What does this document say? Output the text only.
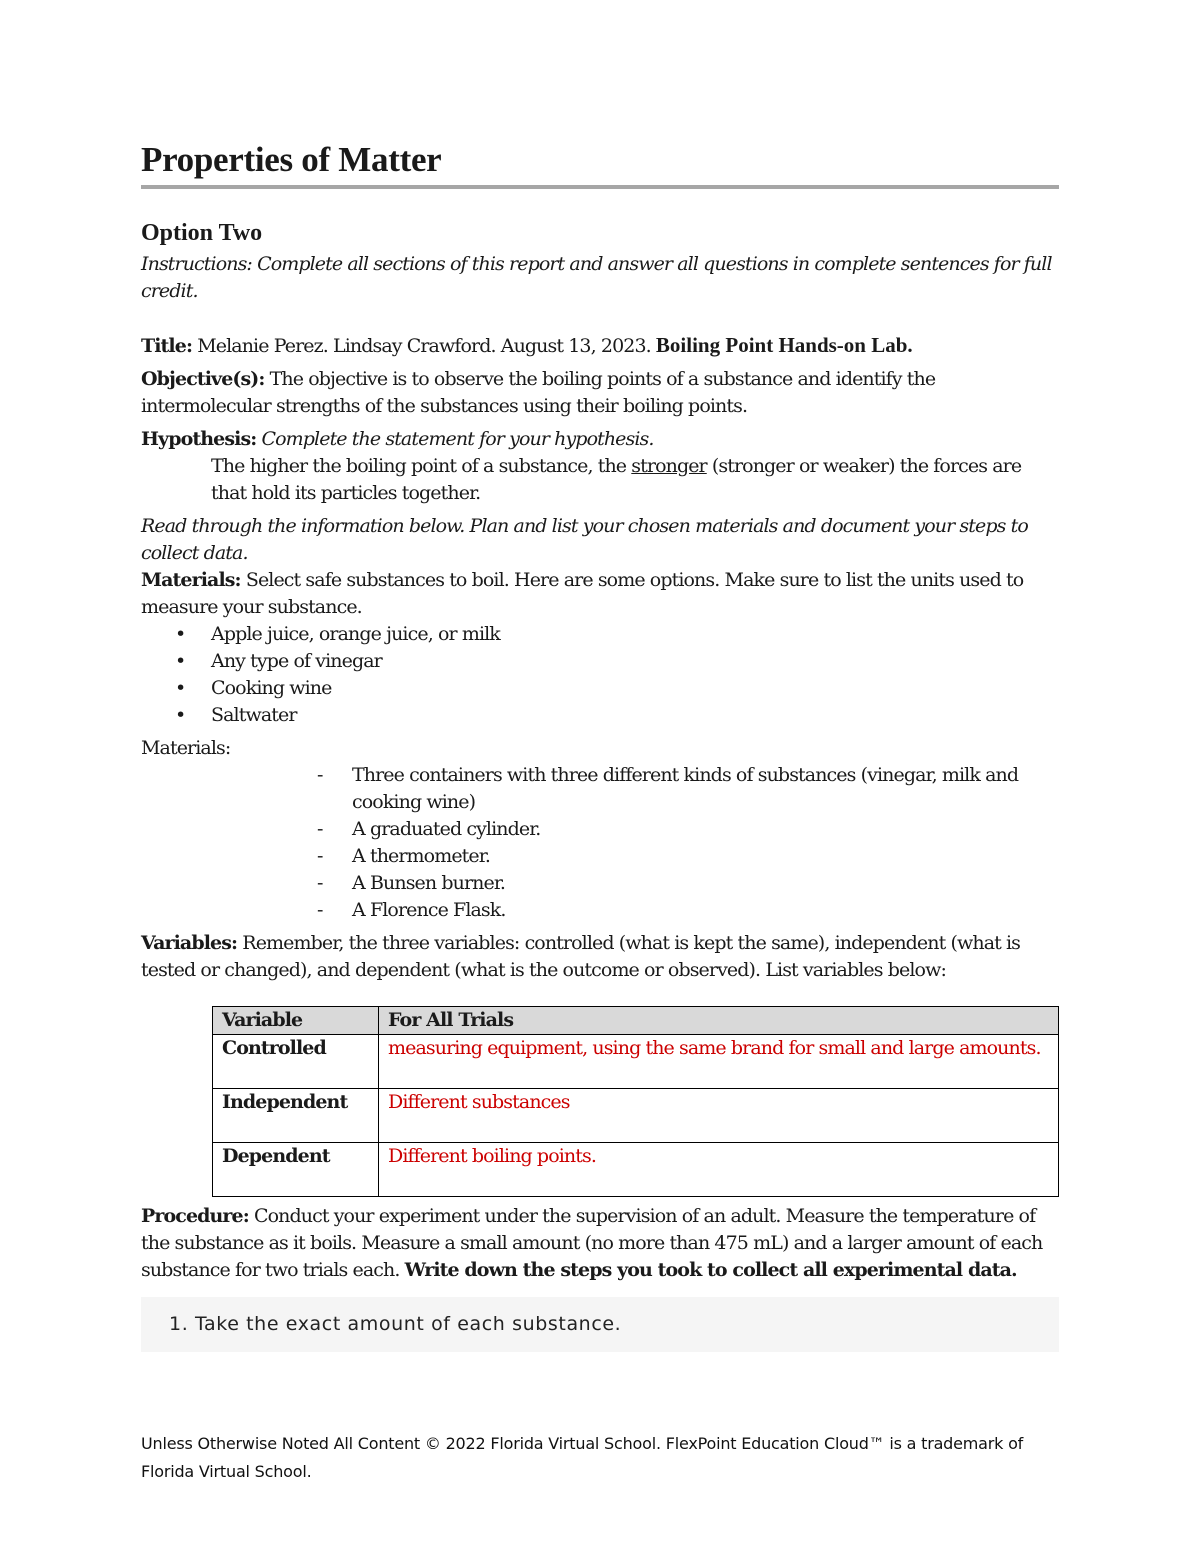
Properties of Matter

Option Two

Instructions: Complete all sections of this report and answer all questions in complete sentences for full credit.

Title: Melanie Perez. Lindsay Crawford. August 13, 2023. Boiling Point Hands-on Lab.

Objective(s): The objective is to observe the boiling points of a substance and identify the intermolecular strengths of the substances using their boiling points.

Hypothesis: Complete the statement for your hypothesis.

The higher the boiling point of a substance, the stronger (stronger or weaker) the forces are that hold its particles together.

Read through the information below. Plan and list your chosen materials and document your steps to collect data.

Materials: Select safe substances to boil. Here are some options. Make sure to list the units used to measure your substance.

• Apple juice, orange juice, or milk
• Any type of vinegar
• Cooking wine
• Saltwater

Materials:

- Three containers with three different kinds of substances (vinegar, milk and cooking wine)
- A graduated cylinder.
- A thermometer.
- A Bunsen burner.
- A Florence Flask.

Variables: Remember, the three variables: controlled (what is kept the same), independent (what is tested or changed), and dependent (what is the outcome or observed). List variables below:

Variable	For All Trials
Controlled	measuring equipment, using the same brand for small and large amounts.
Independent	Different substances
Dependent	Different boiling points.

Procedure: Conduct your experiment under the supervision of an adult. Measure the temperature of the substance as it boils. Measure a small amount (no more than 475 mL) and a larger amount of each substance for two trials each. Write down the steps you took to collect all experimental data.

1. Take the exact amount of each substance.
Unless Otherwise Noted All Content © 2022 Florida Virtual School. FlexPoint Education Cloud™ is a trademark of Florida Virtual School.
